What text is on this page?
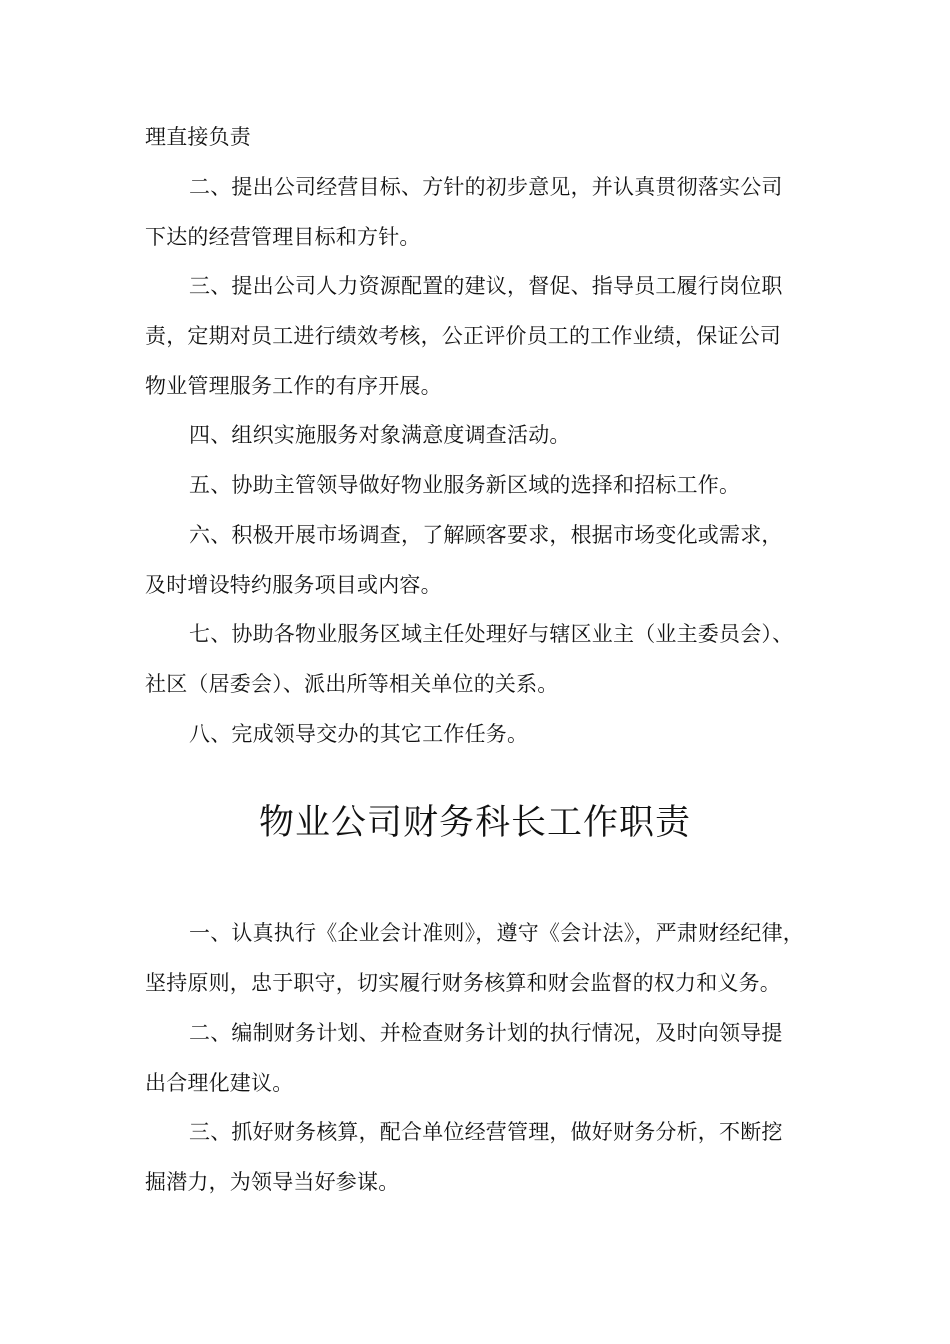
理直接负责
二、提出公司经营目标、方针的初步意见，并认真贯彻落实公司
下达的经营管理目标和方针。
三、提出公司人力资源配置的建议，督促、指导员工履行岗位职
责，定期对员工进行绩效考核，公正评价员工的工作业绩，保证公司
物业管理服务工作的有序开展。
四、组织实施服务对象满意度调查活动。
五、协助主管领导做好物业服务新区域的选择和招标工作。
六、积极开展市场调查，了解顾客要求，根据市场变化或需求，
及时增设特约服务项目或内容。
七、协助各物业服务区域主任处理好与辖区业主（业主委员会）、
社区（居委会）、派出所等相关单位的关系。
八、完成领导交办的其它工作任务。
物业公司财务科长工作职责
一、认真执行《企业会计准则》，遵守《会计法》，严肃财经纪律，
坚持原则，忠于职守，切实履行财务核算和财会监督的权力和义务。
二、编制财务计划、并检查财务计划的执行情况，及时向领导提
出合理化建议。
三、抓好财务核算，配合单位经营管理，做好财务分析，不断挖
掘潜力，为领导当好参谋。
